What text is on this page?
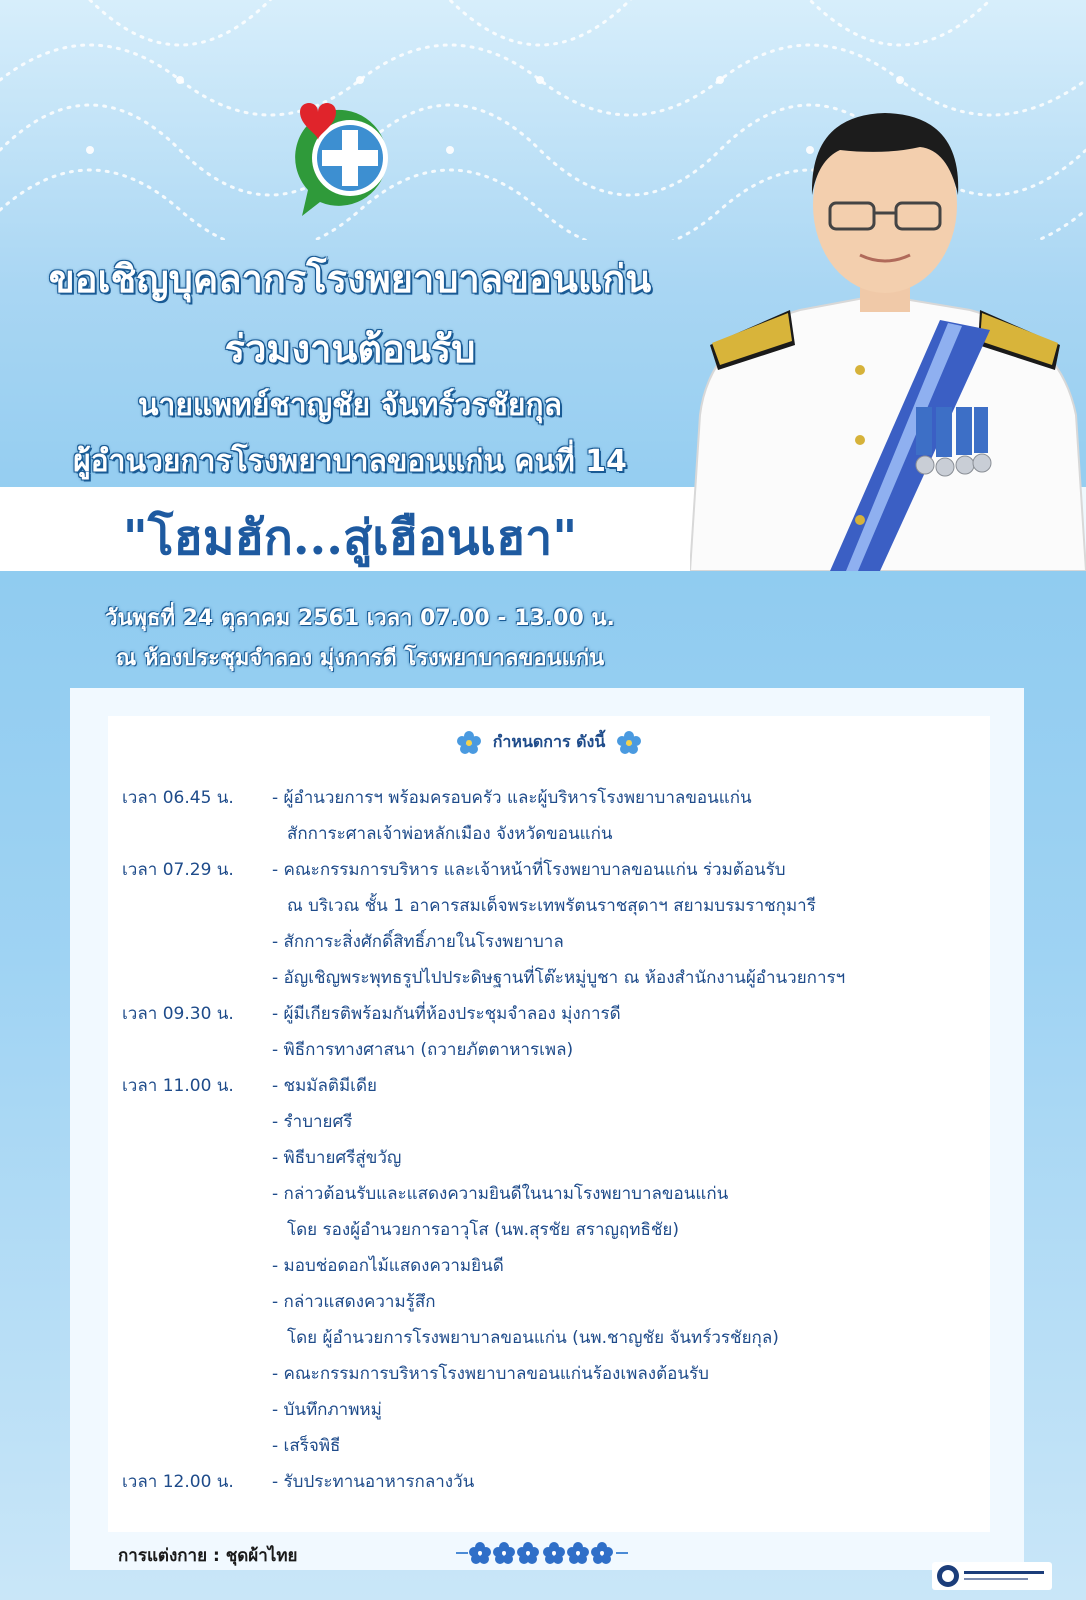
ขอเชิญบุคลากรโรงพยาบาลขอนแก่น
ร่วมงานต้อนรับ
นายแพทย์ชาญชัย จันทร์วรชัยกุล
ผู้อำนวยการโรงพยาบาลขอนแก่น คนที่ 14
"โฮมฮัก...สู่เฮือนเฮา"
วันพุธที่ 24 ตุลาคม 2561 เวลา 07.00 - 13.00 น.
ณ ห้องประชุมจำลอง มุ่งการดี โรงพยาบาลขอนแก่น
กำหนดการ ดังนี้
เวลา 06.45 น. - ผู้อำนวยการฯ พร้อมครอบครัว และผู้บริหารโรงพยาบาลขอนแก่น
สักการะศาลเจ้าพ่อหลักเมือง จังหวัดขอนแก่น
เวลา 07.29 น. - คณะกรรมการบริหาร และเจ้าหน้าที่โรงพยาบาลขอนแก่น ร่วมต้อนรับ
ณ บริเวณ ชั้น 1 อาคารสมเด็จพระเทพรัตนราชสุดาฯ สยามบรมราชกุมารี
- สักการะสิ่งศักดิ์สิทธิ์ภายในโรงพยาบาล
- อัญเชิญพระพุทธรูปไปประดิษฐานที่โต๊ะหมู่บูชา ณ ห้องสำนักงานผู้อำนวยการฯ
เวลา 09.30 น. - ผู้มีเกียรติพร้อมกันที่ห้องประชุมจำลอง มุ่งการดี
- พิธีการทางศาสนา (ถวายภัตตาหารเพล)
เวลา 11.00 น. - ชมมัลติมีเดีย
- รำบายศรี
- พิธีบายศรีสู่ขวัญ
- กล่าวต้อนรับและแสดงความยินดีในนามโรงพยาบาลขอนแก่น
โดย รองผู้อำนวยการอาวุโส (นพ.สุรชัย สราญฤทธิชัย)
- มอบช่อดอกไม้แสดงความยินดี
- กล่าวแสดงความรู้สึก
โดย ผู้อำนวยการโรงพยาบาลขอนแก่น (นพ.ชาญชัย จันทร์วรชัยกุล)
- คณะกรรมการบริหารโรงพยาบาลขอนแก่นร้องเพลงต้อนรับ
- บันทึกภาพหมู่
- เสร็จพิธี
เวลา 12.00 น. - รับประทานอาหารกลางวัน
การแต่งกาย : ชุดผ้าไทย
